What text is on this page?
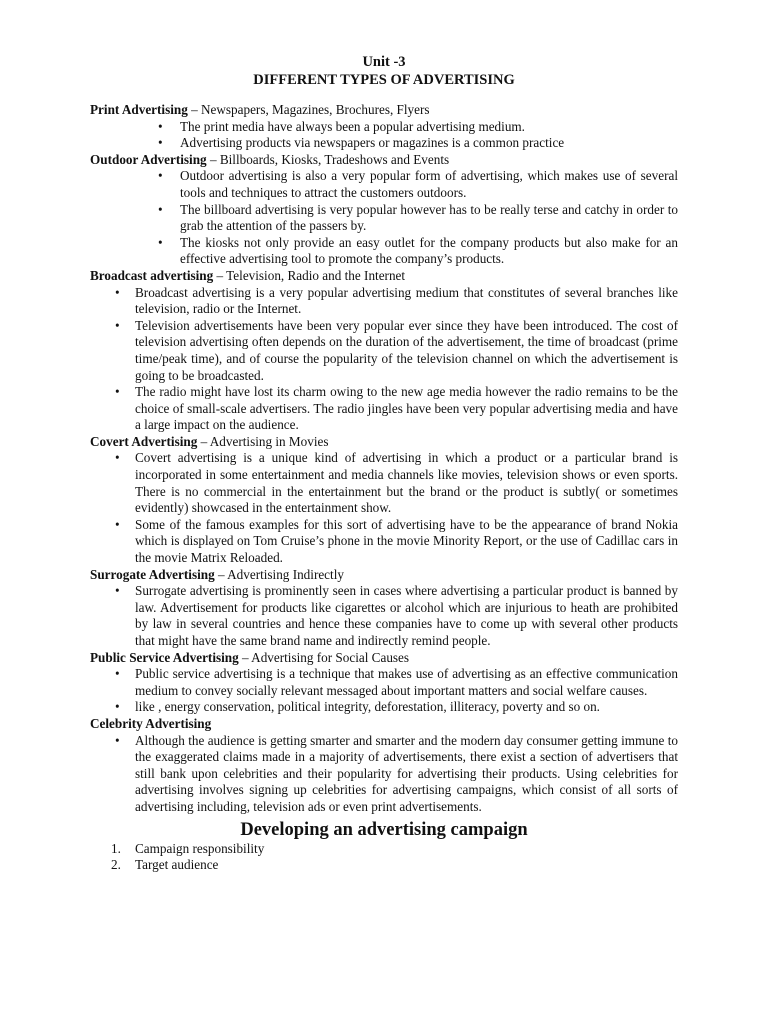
Unit -3
DIFFERENT TYPES OF ADVERTISING
Print Advertising – Newspapers, Magazines, Brochures, Flyers
• The print media have always been a popular advertising medium.
• Advertising products via newspapers or magazines is a common practice
Outdoor Advertising – Billboards, Kiosks, Tradeshows and Events
• Outdoor advertising is also a very popular form of advertising, which makes use of several tools and techniques to attract the customers outdoors.
• The billboard advertising is very popular however has to be really terse and catchy in order to grab the attention of the passers by.
• The kiosks not only provide an easy outlet for the company products but also make for an effective advertising tool to promote the company’s products.
Broadcast advertising – Television, Radio and the Internet
• Broadcast advertising is a very popular advertising medium that constitutes of several branches like television, radio or the Internet.
• Television advertisements have been very popular ever since they have been introduced. The cost of television advertising often depends on the duration of the advertisement, the time of broadcast (prime time/peak time), and of course the popularity of the television channel on which the advertisement is going to be broadcasted.
• The radio might have lost its charm owing to the new age media however the radio remains to be the choice of small-scale advertisers. The radio jingles have been very popular advertising media and have a large impact on the audience.
Covert Advertising – Advertising in Movies
• Covert advertising is a unique kind of advertising in which a product or a particular brand is incorporated in some entertainment and media channels like movies, television shows or even sports. There is no commercial in the entertainment but the brand or the product is subtly( or sometimes evidently) showcased in the entertainment show.
• Some of the famous examples for this sort of advertising have to be the appearance of brand Nokia which is displayed on Tom Cruise’s phone in the movie Minority Report, or the use of Cadillac cars in the movie Matrix Reloaded.
Surrogate Advertising – Advertising Indirectly
• Surrogate advertising is prominently seen in cases where advertising a particular product is banned by law. Advertisement for products like cigarettes or alcohol which are injurious to heath are prohibited by law in several countries and hence these companies have to come up with several other products that might have the same brand name and indirectly remind people.
Public Service Advertising – Advertising for Social Causes
• Public service advertising is a technique that makes use of advertising as an effective communication medium to convey socially relevant messaged about important matters and social welfare causes.
• like , energy conservation, political integrity, deforestation, illiteracy, poverty and so on.
Celebrity Advertising
• Although the audience is getting smarter and smarter and the modern day consumer getting immune to the exaggerated claims made in a majority of advertisements, there exist a section of advertisers that still bank upon celebrities and their popularity for advertising their products. Using celebrities for advertising involves signing up celebrities for advertising campaigns, which consist of all sorts of advertising including, television ads or even print advertisements.
Developing an advertising campaign
1. Campaign responsibility
2. Target audience
